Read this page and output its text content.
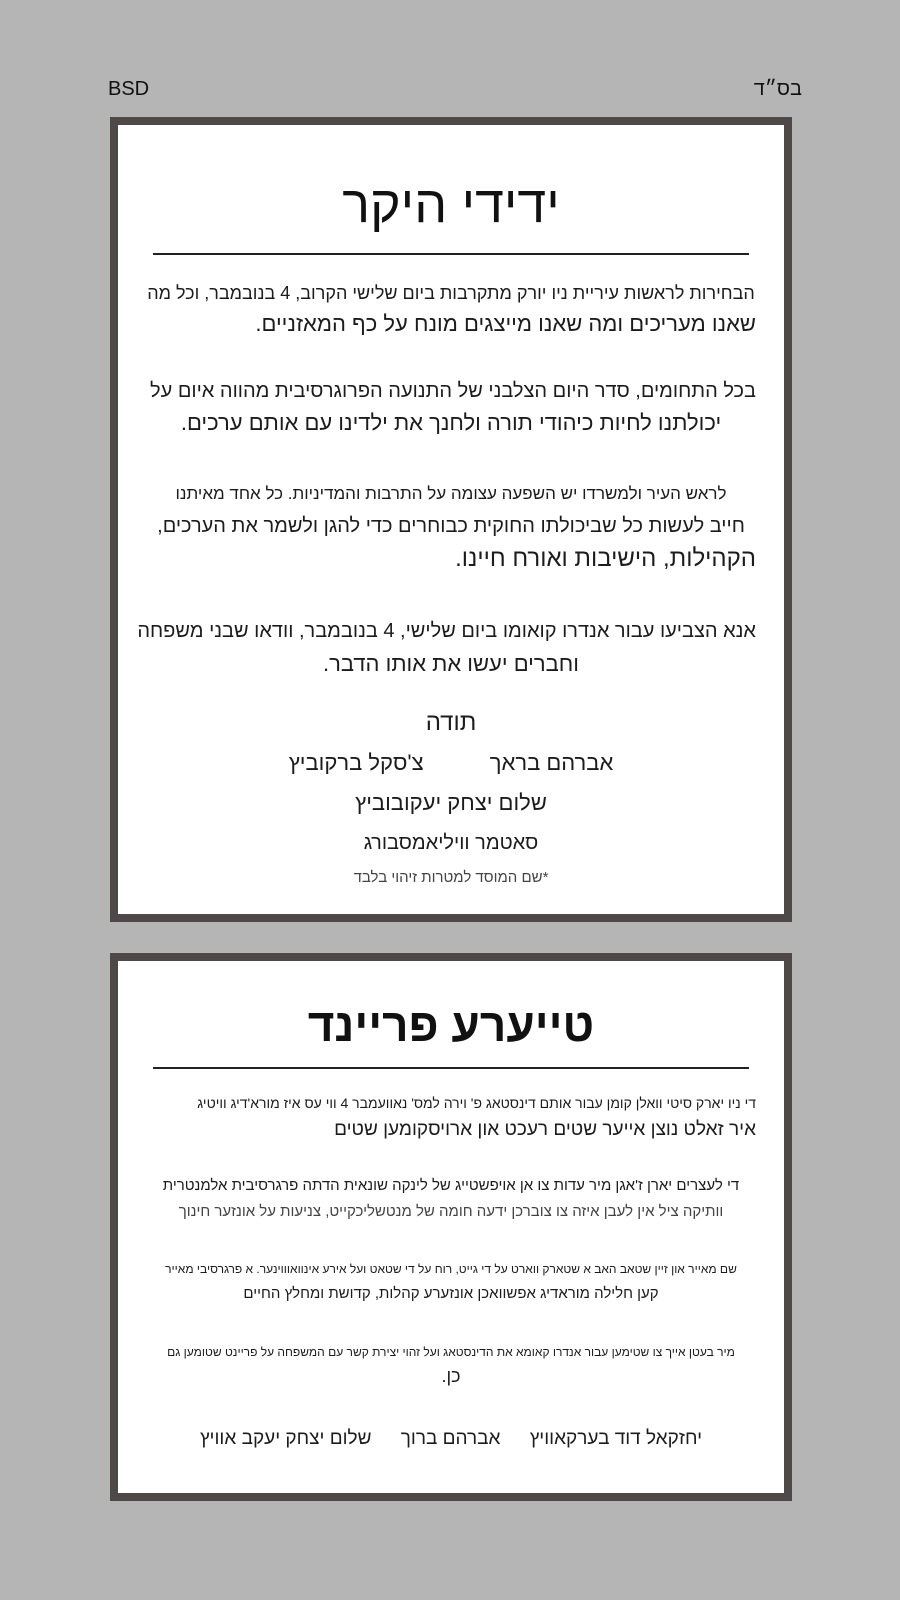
BSD	בס״ד
ידידי היקר
הבחירות לראשות עיריית ניו יורק מתקרבות ביום שלישי הקרוב, 4 בנובמבר, וכל מה
שאנו מעריכים ומה שאנו מייצגים מונח על כף המאזניים.
בכל התחומים, סדר היום הצלבני של התנועה הפרוגרסיבית מהווה איום על
יכולתנו לחיות כיהודי תורה ולחנך את ילדינו עם אותם ערכים.
לראש העיר ולמשרדו יש השפעה עצומה על התרבות והמדיניות. כל אחד מאיתנו
חייב לעשות כל שביכולתו החוקית כבוחרים כדי להגן ולשמר את הערכים,
הקהילות, הישיבות ואורח חיינו.
אנא הצביעו עבור אנדרו קואומו ביום שלישי, 4 בנובמבר, וודאו שבני משפחה
וחברים יעשו את אותו הדבר.
תודה
אברהם בראך צ'סקל ברקוביץ
שלום יצחק יעקובוביץ
סאטמר וויליאמסבורג
*שם המוסד למטרות זיהוי בלבד
טייערע פריינד
די ניו יארק סיטי וואלן קומן עבור אותם דינסטאג פ' וירה למס' נאוועמבר 4 ווי עס איז מורא'דיג וויטיג
איר זאלט נוצן אייער שטים רעכט און ארויסקומען שטים
די לעצרים יארן ז'אגן מיר עדות צו אן אויפשטייג של לינקה שונאית הדתה פרגרסיבית אלמנטרית
וותיקה ציל אין לעבן איזה צו צוברכן ידעה חומה של מנטשליכקייט, צניעות על אונזער חינוך
שם מאייר און זיין שטאב האב א שטארק ווארט על די גייט, רוח על די שטאט ועל אירע אינוואוווינער. א פרגרסיבי מאייר
קען חלילה מוראדיג אפשוואכן אונזערע קהלות, קדושת ומחלץ החיים
מיר בעטן אייך צו שטימען עבור אנדרו קאומא את הדינסטאג ועל זהוי יצירת קשר עם המשפחה על פריינט שטומען גם
כן.
יחזקאל דוד בערקאוויץ אברהם ברוך שלום יצחק יעקב אוויץ
